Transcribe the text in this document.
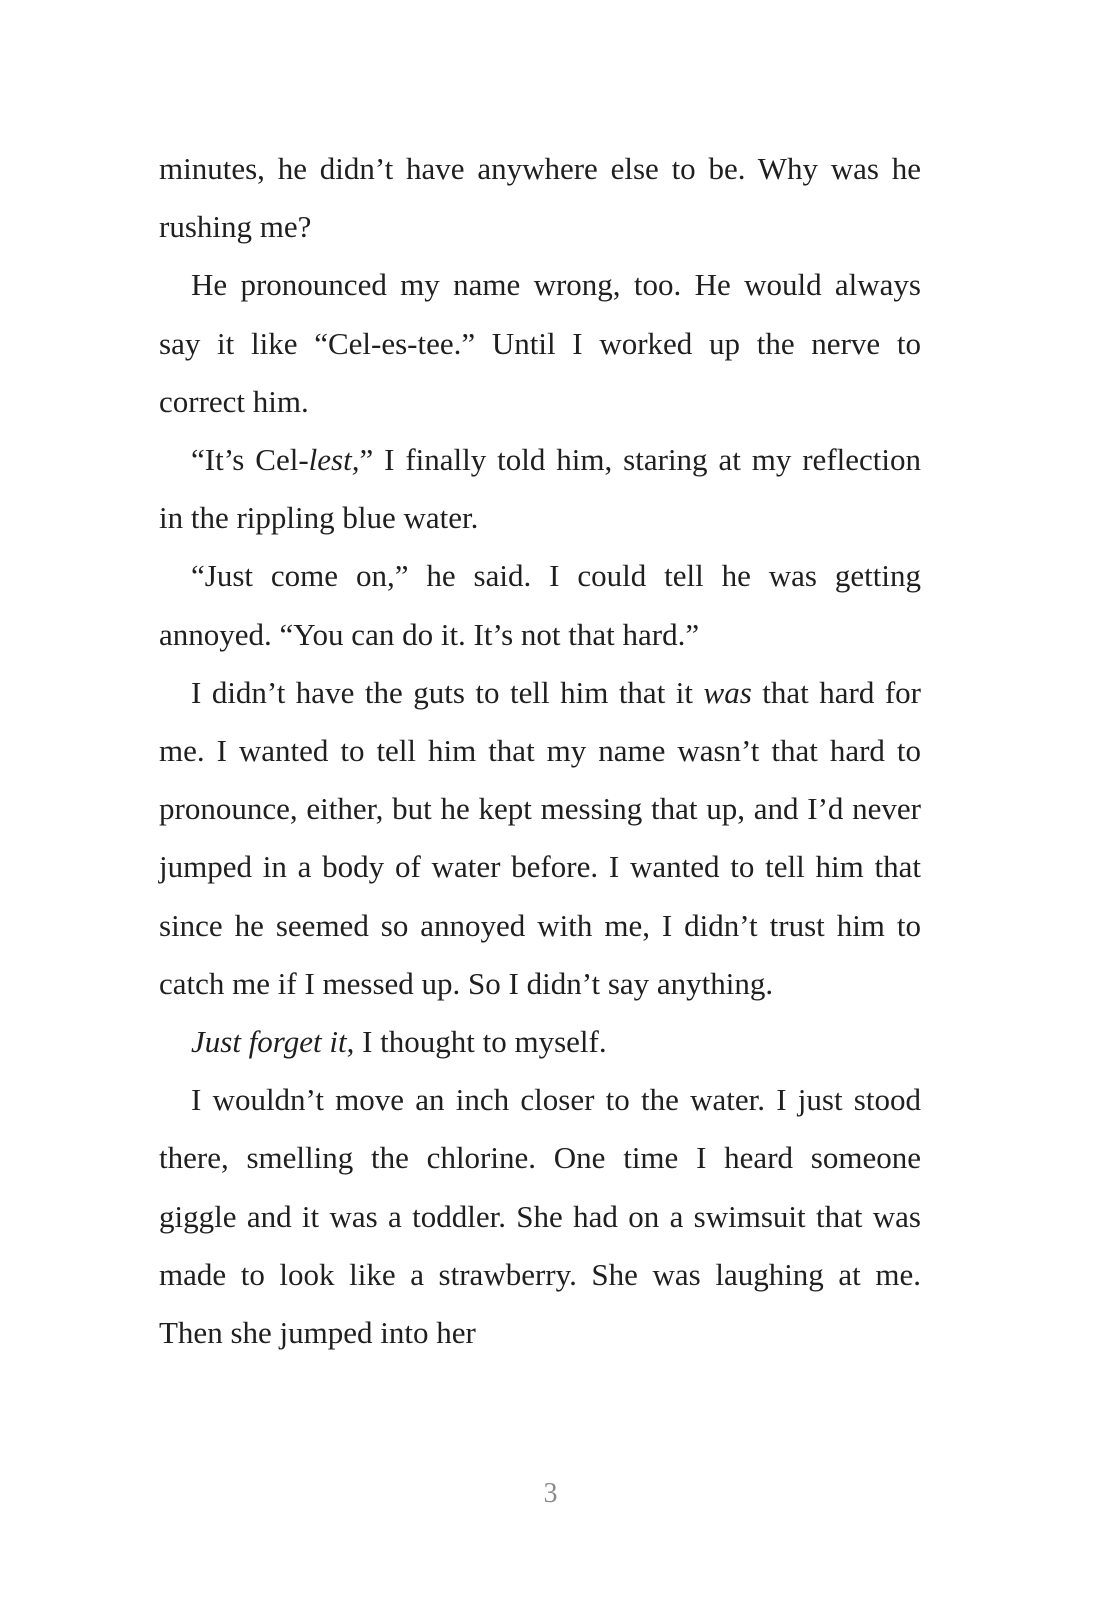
minutes, he didn’t have anywhere else to be. Why was he rushing me?

He pronounced my name wrong, too. He would always say it like “Cel-es-tee.” Until I worked up the nerve to correct him.

“It’s Cel-lest,” I finally told him, staring at my reflection in the rippling blue water.

“Just come on,” he said. I could tell he was getting annoyed. “You can do it. It’s not that hard.”

I didn’t have the guts to tell him that it was that hard for me. I wanted to tell him that my name wasn’t that hard to pronounce, either, but he kept messing that up, and I’d never jumped in a body of water before. I wanted to tell him that since he seemed so annoyed with me, I didn’t trust him to catch me if I messed up. So I didn’t say anything.

Just forget it, I thought to myself.

I wouldn’t move an inch closer to the water. I just stood there, smelling the chlorine. One time I heard someone giggle and it was a toddler. She had on a swimsuit that was made to look like a strawberry. She was laughing at me. Then she jumped into her

3
